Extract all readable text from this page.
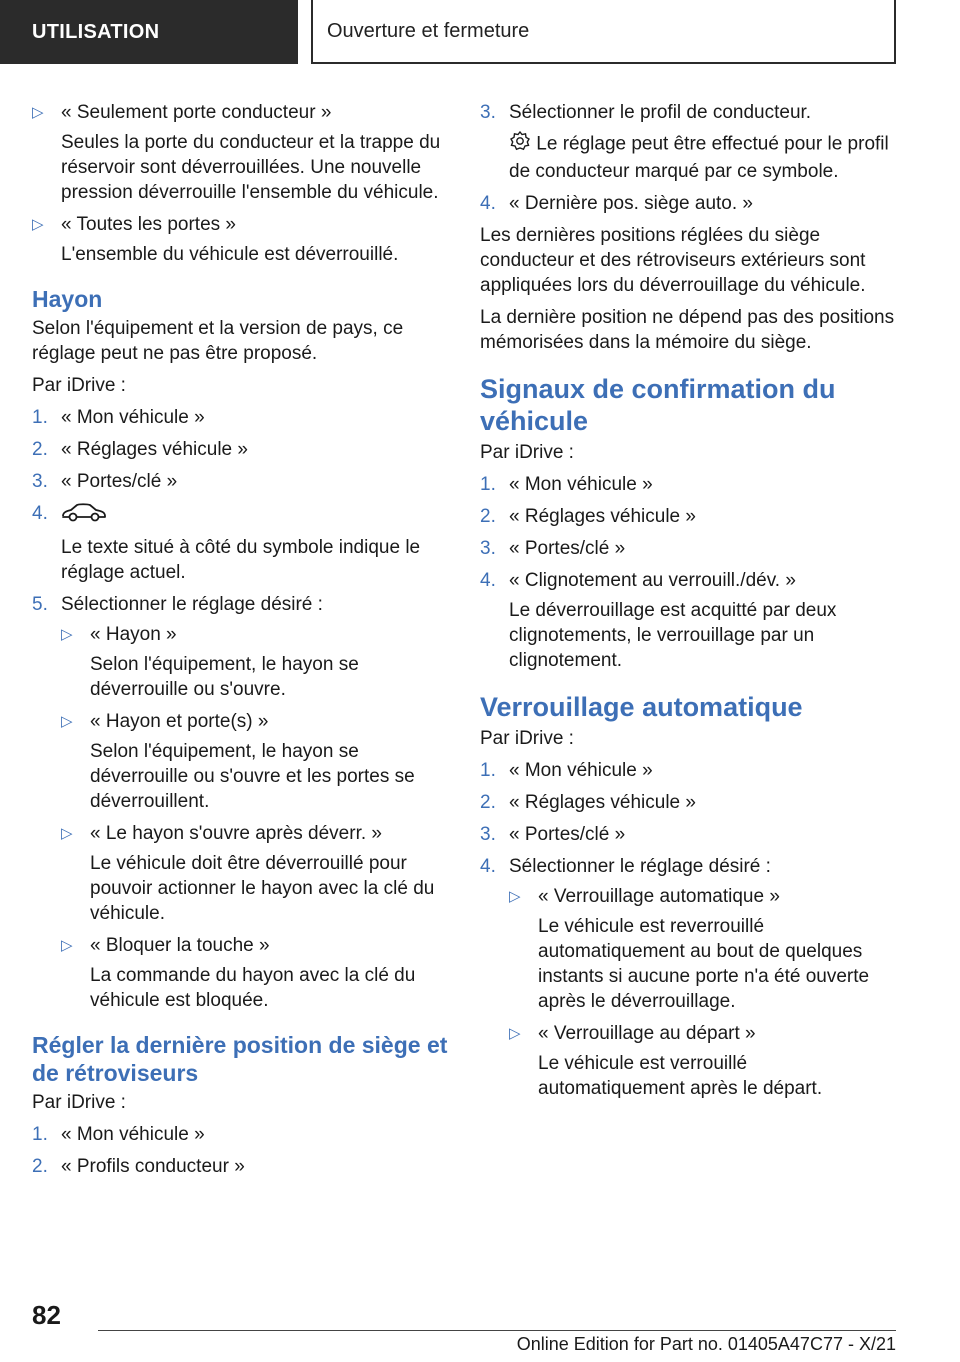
UTILISATION	Ouverture et fermeture
▷ « Seulement porte conducteur »

Seules la porte du conducteur et la trappe du réservoir sont déverrouillées. Une nouvelle pression déverrouille l'ensemble du véhicule.

▷ « Toutes les portes »

L'ensemble du véhicule est déverrouillé.

Hayon

Selon l'équipement et la version de pays, ce réglage peut ne pas être proposé.

Par iDrive :

1. « Mon véhicule »

2. « Réglages véhicule »

3. « Portes/clé »

4.

Le texte situé à côté du symbole indique le réglage actuel.

5. Sélectionner le réglage désiré :

▷ « Hayon »

Selon l'équipement, le hayon se déverrouille ou s'ouvre.

▷ « Hayon et porte(s) »

Selon l'équipement, le hayon se déverrouille ou s'ouvre et les portes se déverrouillent.

▷ « Le hayon s'ouvre après déverr. »

Le véhicule doit être déverrouillé pour pouvoir actionner le hayon avec la clé du véhicule.

▷ « Bloquer la touche »

La commande du hayon avec la clé du véhicule est bloquée.

Régler la dernière position de siège et de rétroviseurs

Par iDrive :

1. « Mon véhicule »

2. « Profils conducteur »

3. Sélectionner le profil de conducteur.

Le réglage peut être effectué pour le profil de conducteur marqué par ce symbole.

4. « Dernière pos. siège auto. »

Les dernières positions réglées du siège conducteur et des rétroviseurs extérieurs sont appliquées lors du déverrouillage du véhicule.

La dernière position ne dépend pas des positions mémorisées dans la mémoire du siège.

Signaux de confirmation du véhicule

Par iDrive :

1. « Mon véhicule »

2. « Réglages véhicule »

3. « Portes/clé »

4. « Clignotement au verrouill./dév. »

Le déverrouillage est acquitté par deux clignotements, le verrouillage par un clignotement.

Verrouillage automatique

Par iDrive :

1. « Mon véhicule »

2. « Réglages véhicule »

3. « Portes/clé »

4. Sélectionner le réglage désiré :

▷ « Verrouillage automatique »

Le véhicule est reverrouillé automatiquement au bout de quelques instants si aucune porte n'a été ouverte après le déverrouillage.

▷ « Verrouillage au départ »

Le véhicule est verrouillé automatiquement après le départ.

82
Online Edition for Part no. 01405A47C77 - X/21
